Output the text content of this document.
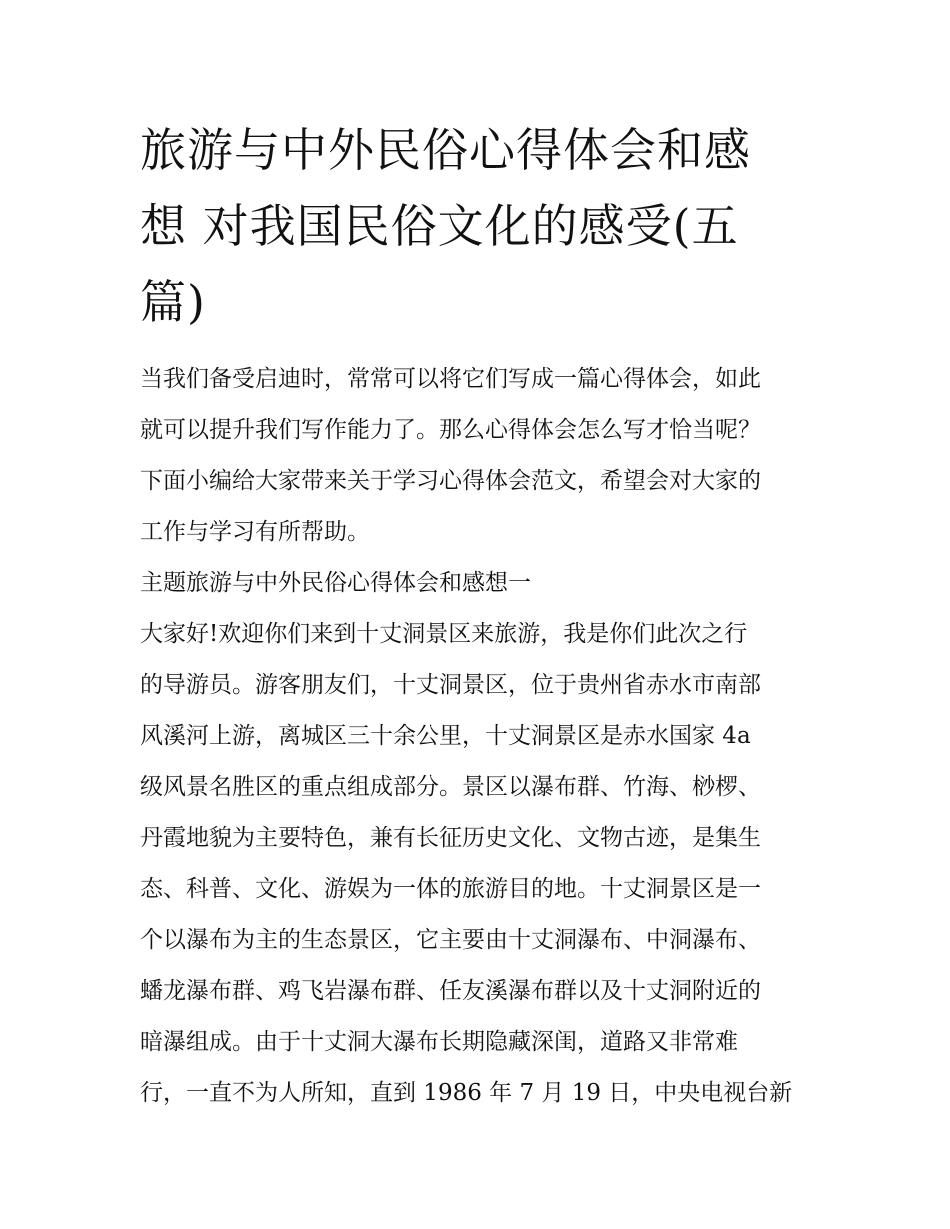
旅游与中外民俗心得体会和感
想 对我国民俗文化的感受(五
篇)
当我们备受启迪时，常常可以将它们写成一篇心得体会，如此
就可以提升我们写作能力了。那么心得体会怎么写才恰当呢？
下面小编给大家带来关于学习心得体会范文，希望会对大家的
工作与学习有所帮助。
主题旅游与中外民俗心得体会和感想一
大家好!欢迎你们来到十丈洞景区来旅游，我是你们此次之行
的导游员。游客朋友们，十丈洞景区，位于贵州省赤水市南部
风溪河上游，离城区三十余公里，十丈洞景区是赤水国家 4a
级风景名胜区的重点组成部分。景区以瀑布群、竹海、桫椤、
丹霞地貌为主要特色，兼有长征历史文化、文物古迹，是集生
态、科普、文化、游娱为一体的旅游目的地。十丈洞景区是一
个以瀑布为主的生态景区，它主要由十丈洞瀑布、中洞瀑布、
蟠龙瀑布群、鸡飞岩瀑布群、任友溪瀑布群以及十丈洞附近的
暗瀑组成。由于十丈洞大瀑布长期隐藏深闺，道路又非常难
行，一直不为人所知，直到 1986 年 7 月 19 日，中央电视台新
